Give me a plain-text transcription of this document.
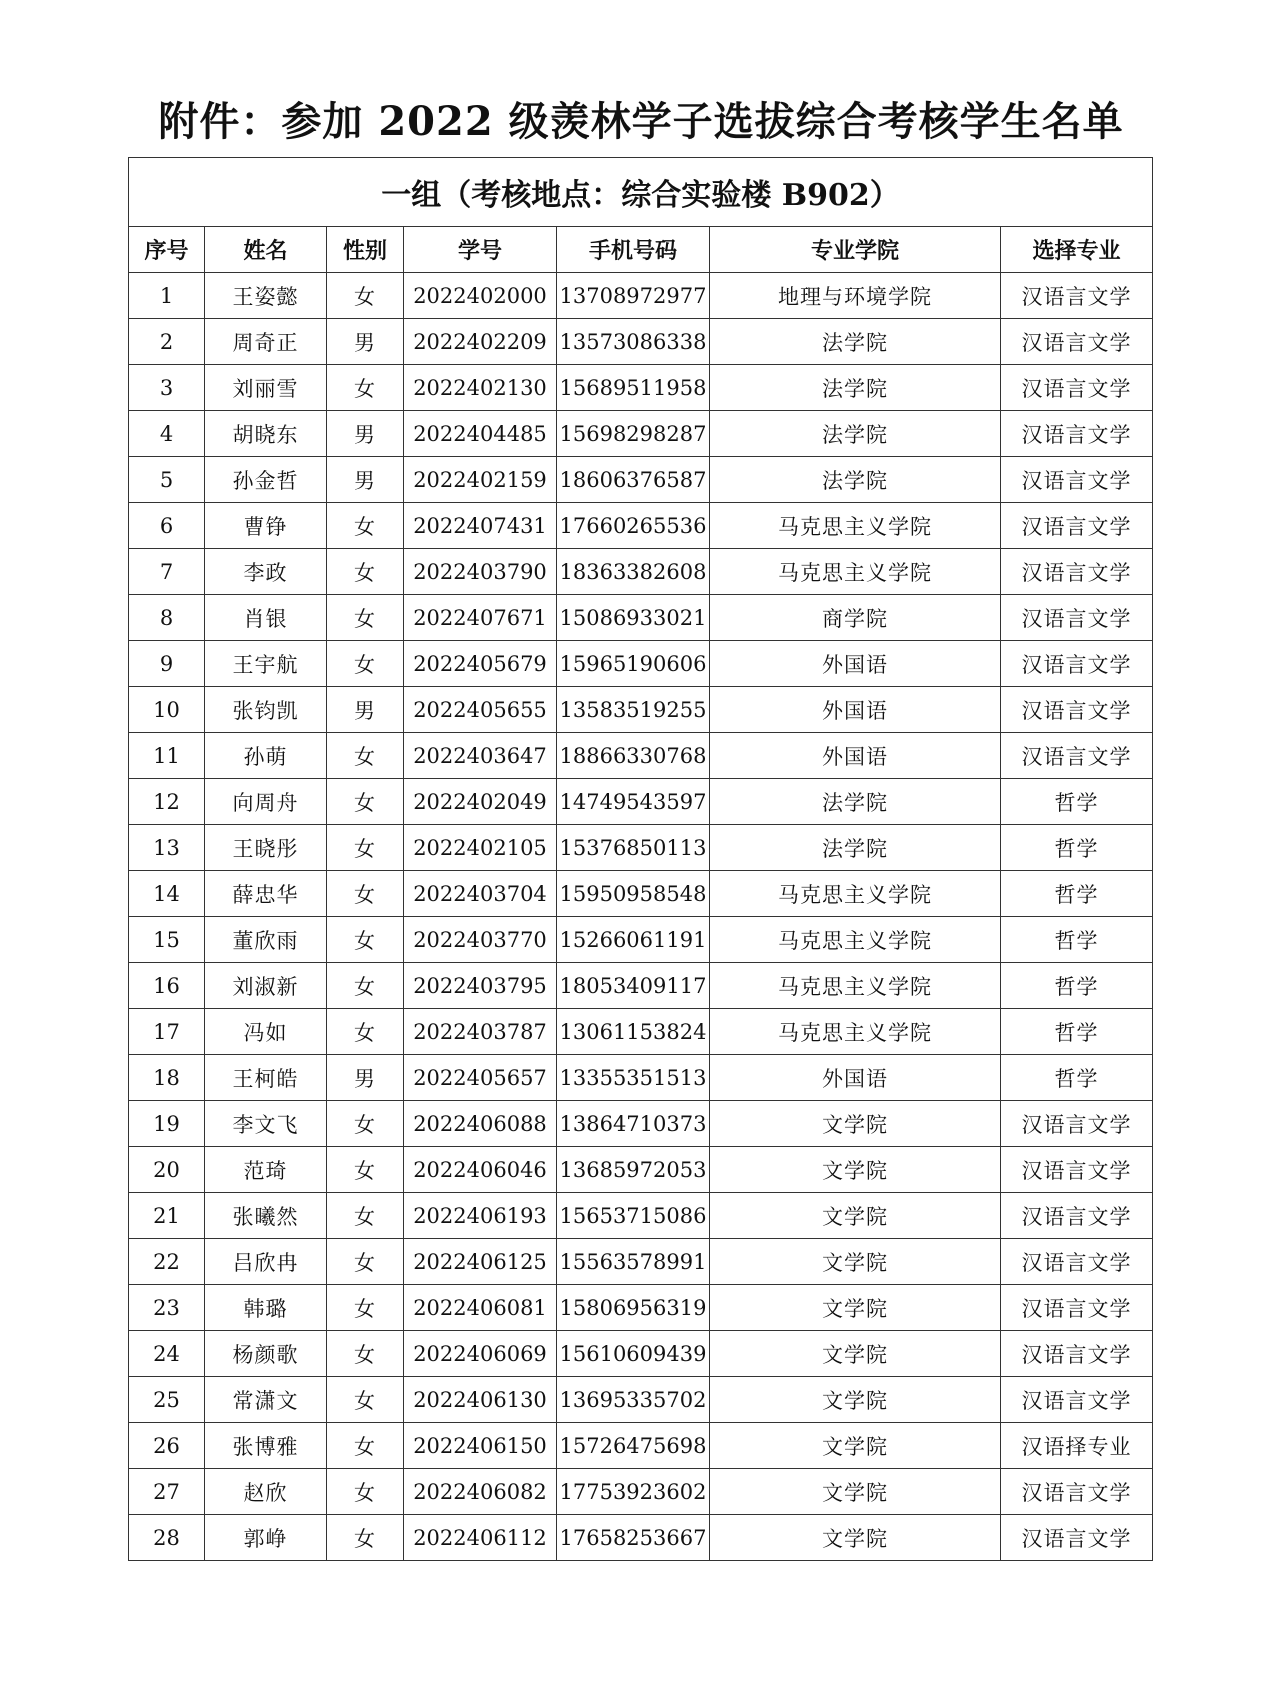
附件：参加 2022 级羡林学子选拔综合考核学生名单
一组（考核地点：综合实验楼 B902）						
序号	姓名	性别	学号	手机号码	专业学院	选择专业
1	王姿懿	女	2022402000	13708972977	地理与环境学院	汉语言文学
2	周奇正	男	2022402209	13573086338	法学院	汉语言文学
3	刘丽雪	女	2022402130	15689511958	法学院	汉语言文学
4	胡晓东	男	2022404485	15698298287	法学院	汉语言文学
5	孙金哲	男	2022402159	18606376587	法学院	汉语言文学
6	曹铮	女	2022407431	17660265536	马克思主义学院	汉语言文学
7	李政	女	2022403790	18363382608	马克思主义学院	汉语言文学
8	肖银	女	2022407671	15086933021	商学院	汉语言文学
9	王宇航	女	2022405679	15965190606	外国语	汉语言文学
10	张钧凯	男	2022405655	13583519255	外国语	汉语言文学
11	孙萌	女	2022403647	18866330768	外国语	汉语言文学
12	向周舟	女	2022402049	14749543597	法学院	哲学
13	王晓彤	女	2022402105	15376850113	法学院	哲学
14	薛忠华	女	2022403704	15950958548	马克思主义学院	哲学
15	董欣雨	女	2022403770	15266061191	马克思主义学院	哲学
16	刘淑新	女	2022403795	18053409117	马克思主义学院	哲学
17	冯如	女	2022403787	13061153824	马克思主义学院	哲学
18	王柯皓	男	2022405657	13355351513	外国语	哲学
19	李文飞	女	2022406088	13864710373	文学院	汉语言文学
20	范琦	女	2022406046	13685972053	文学院	汉语言文学
21	张曦然	女	2022406193	15653715086	文学院	汉语言文学
22	吕欣冉	女	2022406125	15563578991	文学院	汉语言文学
23	韩璐	女	2022406081	15806956319	文学院	汉语言文学
24	杨颜歌	女	2022406069	15610609439	文学院	汉语言文学
25	常潇文	女	2022406130	13695335702	文学院	汉语言文学
26	张博雅	女	2022406150	15726475698	文学院	汉语择专业
27	赵欣	女	2022406082	17753923602	文学院	汉语言文学
28	郭峥	女	2022406112	17658253667	文学院	汉语言文学
